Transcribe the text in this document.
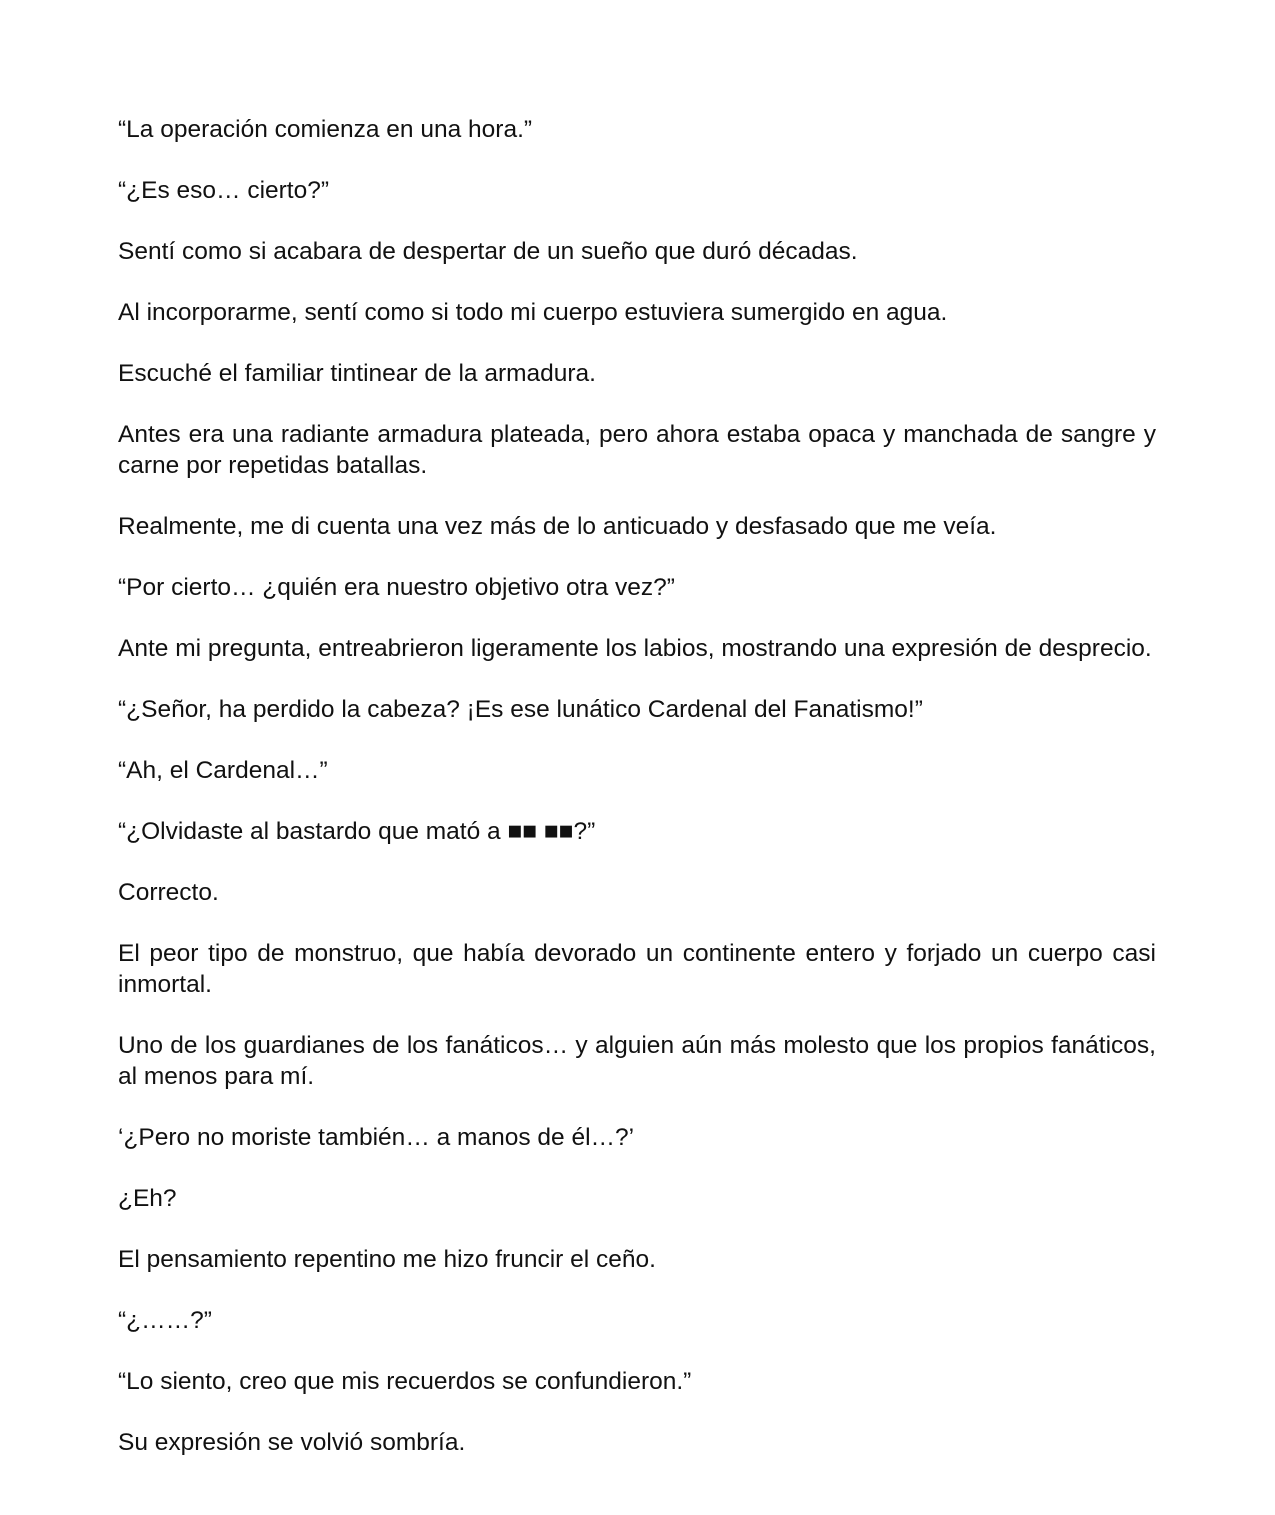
“La operación comienza en una hora.”

“¿Es eso… cierto?”

Sentí como si acabara de despertar de un sueño que duró décadas.

Al incorporarme, sentí como si todo mi cuerpo estuviera sumergido en agua.

Escuché el familiar tintinear de la armadura.

Antes era una radiante armadura plateada, pero ahora estaba opaca y manchada de sangre y carne por repetidas batallas.

Realmente, me di cuenta una vez más de lo anticuado y desfasado que me veía.

“Por cierto… ¿quién era nuestro objetivo otra vez?”

Ante mi pregunta, entreabrieron ligeramente los labios, mostrando una expresión de desprecio.

“¿Señor, ha perdido la cabeza? ¡Es ese lunático Cardenal del Fanatismo!”

“Ah, el Cardenal…”

“¿Olvidaste al bastardo que mató a ■■ ■■?”

Correcto.

El peor tipo de monstruo, que había devorado un continente entero y forjado un cuerpo casi inmortal.

Uno de los guardianes de los fanáticos… y alguien aún más molesto que los propios fanáticos, al menos para mí.

‘¿Pero no moriste también… a manos de él…?’

¿Eh?

El pensamiento repentino me hizo fruncir el ceño.

“¿……?”

“Lo siento, creo que mis recuerdos se confundieron.”

Su expresión se volvió sombría.
